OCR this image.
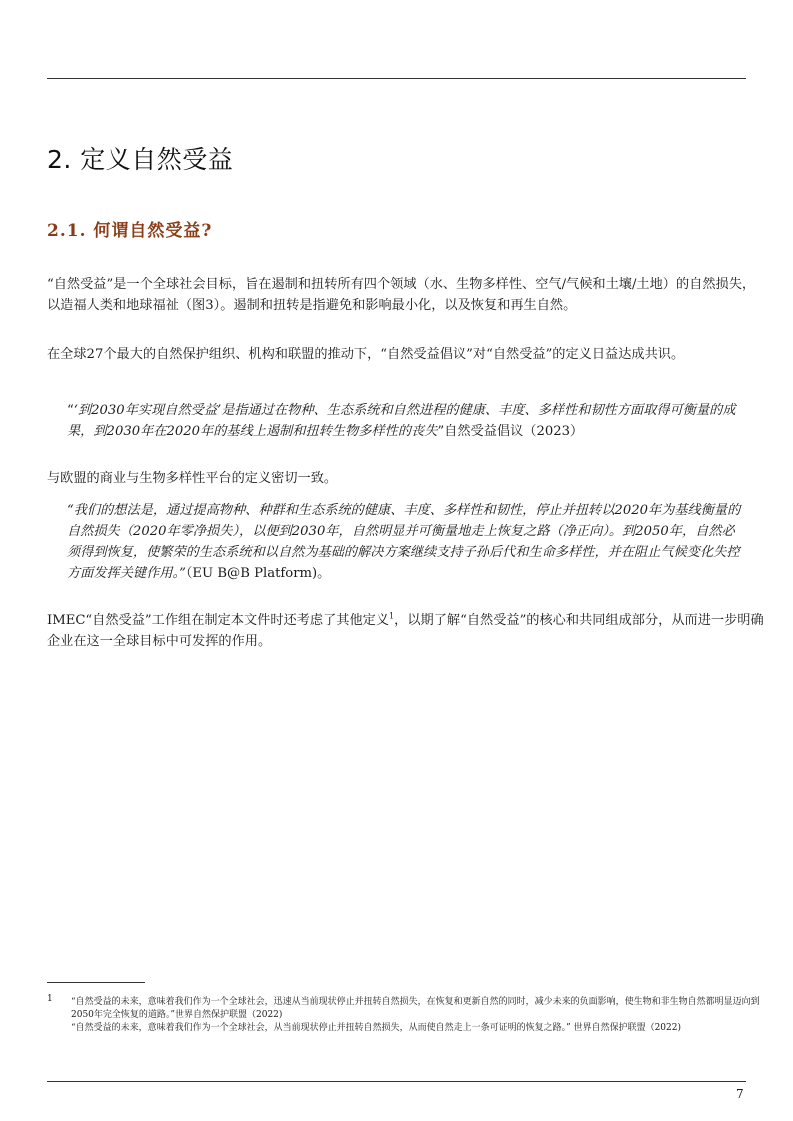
2. 定义自然受益
2.1. 何谓自然受益?

“自然受益”是一个全球社会目标，旨在遏制和扭转所有四个领域（水、生物多样性、空气/气候和土壤/土地）的自然损失，以造福人类和地球福祉（图3）。遏制和扭转是指避免和影响最小化，以及恢复和再生自然。

在全球27个最大的自然保护组织、机构和联盟的推动下，“自然受益倡议”对“自然受益”的定义日益达成共识。

“‘到2030年实现自然受益’是指通过在物种、生态系统和自然进程的健康、丰度、多样性和韧性方面取得可衡量的成果，到2030年在2020年的基线上遏制和扭转生物多样性的丧失”自然受益倡议（2023）

与欧盟的商业与生物多样性平台的定义密切一致。

“我们的想法是，通过提高物种、种群和生态系统的健康、丰度、多样性和韧性，停止并扭转以2020年为基线衡量的自然损失（2020年零净损失），以便到2030年，自然明显并可衡量地走上恢复之路（净正向）。到2050年，自然必须得到恢复，使繁荣的生态系统和以自然为基础的解决方案继续支持子孙后代和生命多样性，并在阻止气候变化失控方面发挥关键作用。”（EU B@B Platform)。

IMEC“自然受益”工作组在制定本文件时还考虑了其他定义$^1$，以期了解“自然受益”的核心和共同组成部分，从而进一步明确企业在这一全球目标中可发挥的作用。

1 “自然受益的未来，意味着我们作为一个全球社会，迅速从当前现状停止并扭转自然损失，在恢复和更新自然的同时，减少未来的负面影响，使生物和非生物自然都明显迈向到2050年完全恢复的道路。”世界自然保护联盟（2022)

“自然受益的未来，意味着我们作为一个全球社会，从当前现状停止并扭转自然损失，从而使自然走上一条可证明的恢复之路。” 世界自然保护联盟（2022)

7
